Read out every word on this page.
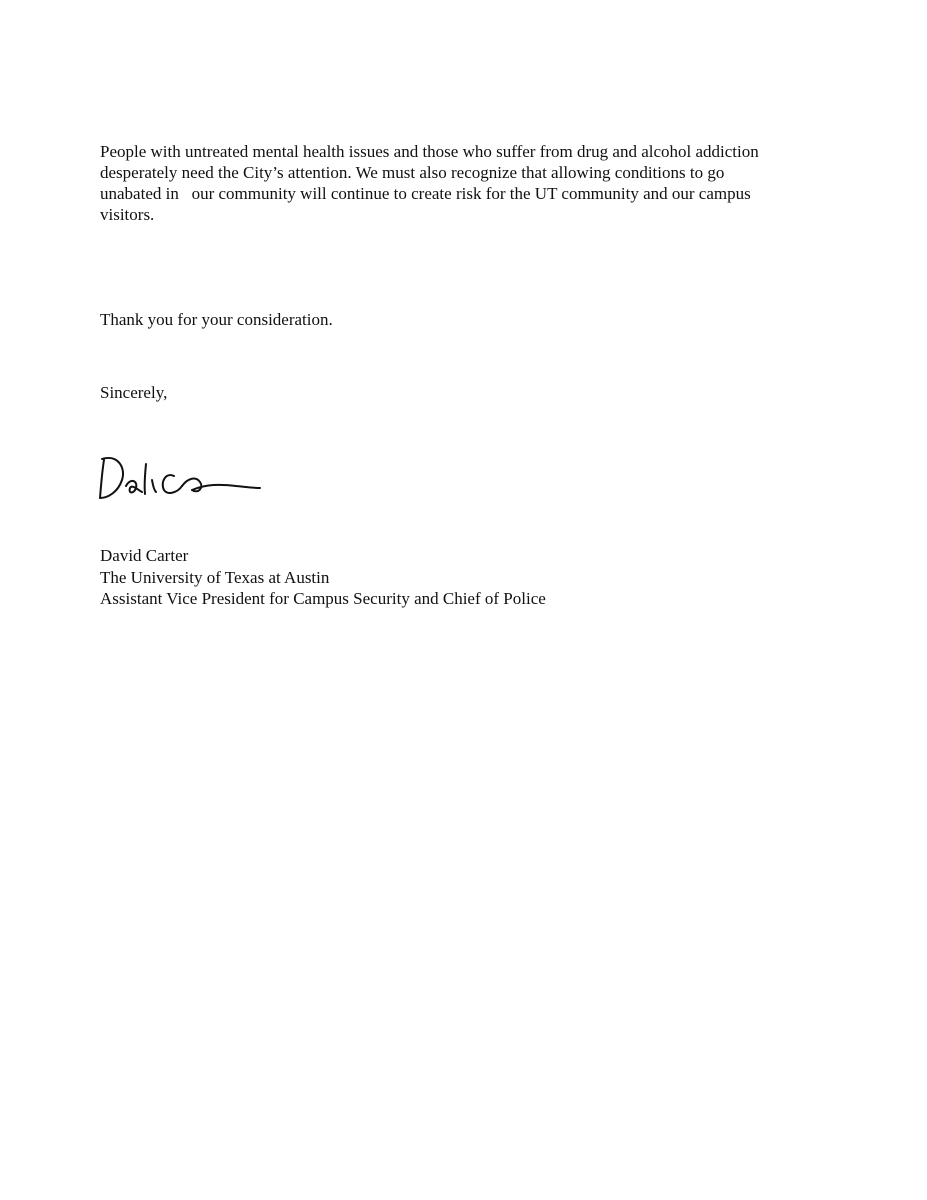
People with untreated mental health issues and those who suffer from drug and alcohol addiction
desperately need the City’s attention. We must also recognize that allowing conditions to go
unabated in   our community will continue to create risk for the UT community and our campus
visitors.

Thank you for your consideration.

Sincerely,

David Carter
The University of Texas at Austin
Assistant Vice President for Campus Security and Chief of Police
